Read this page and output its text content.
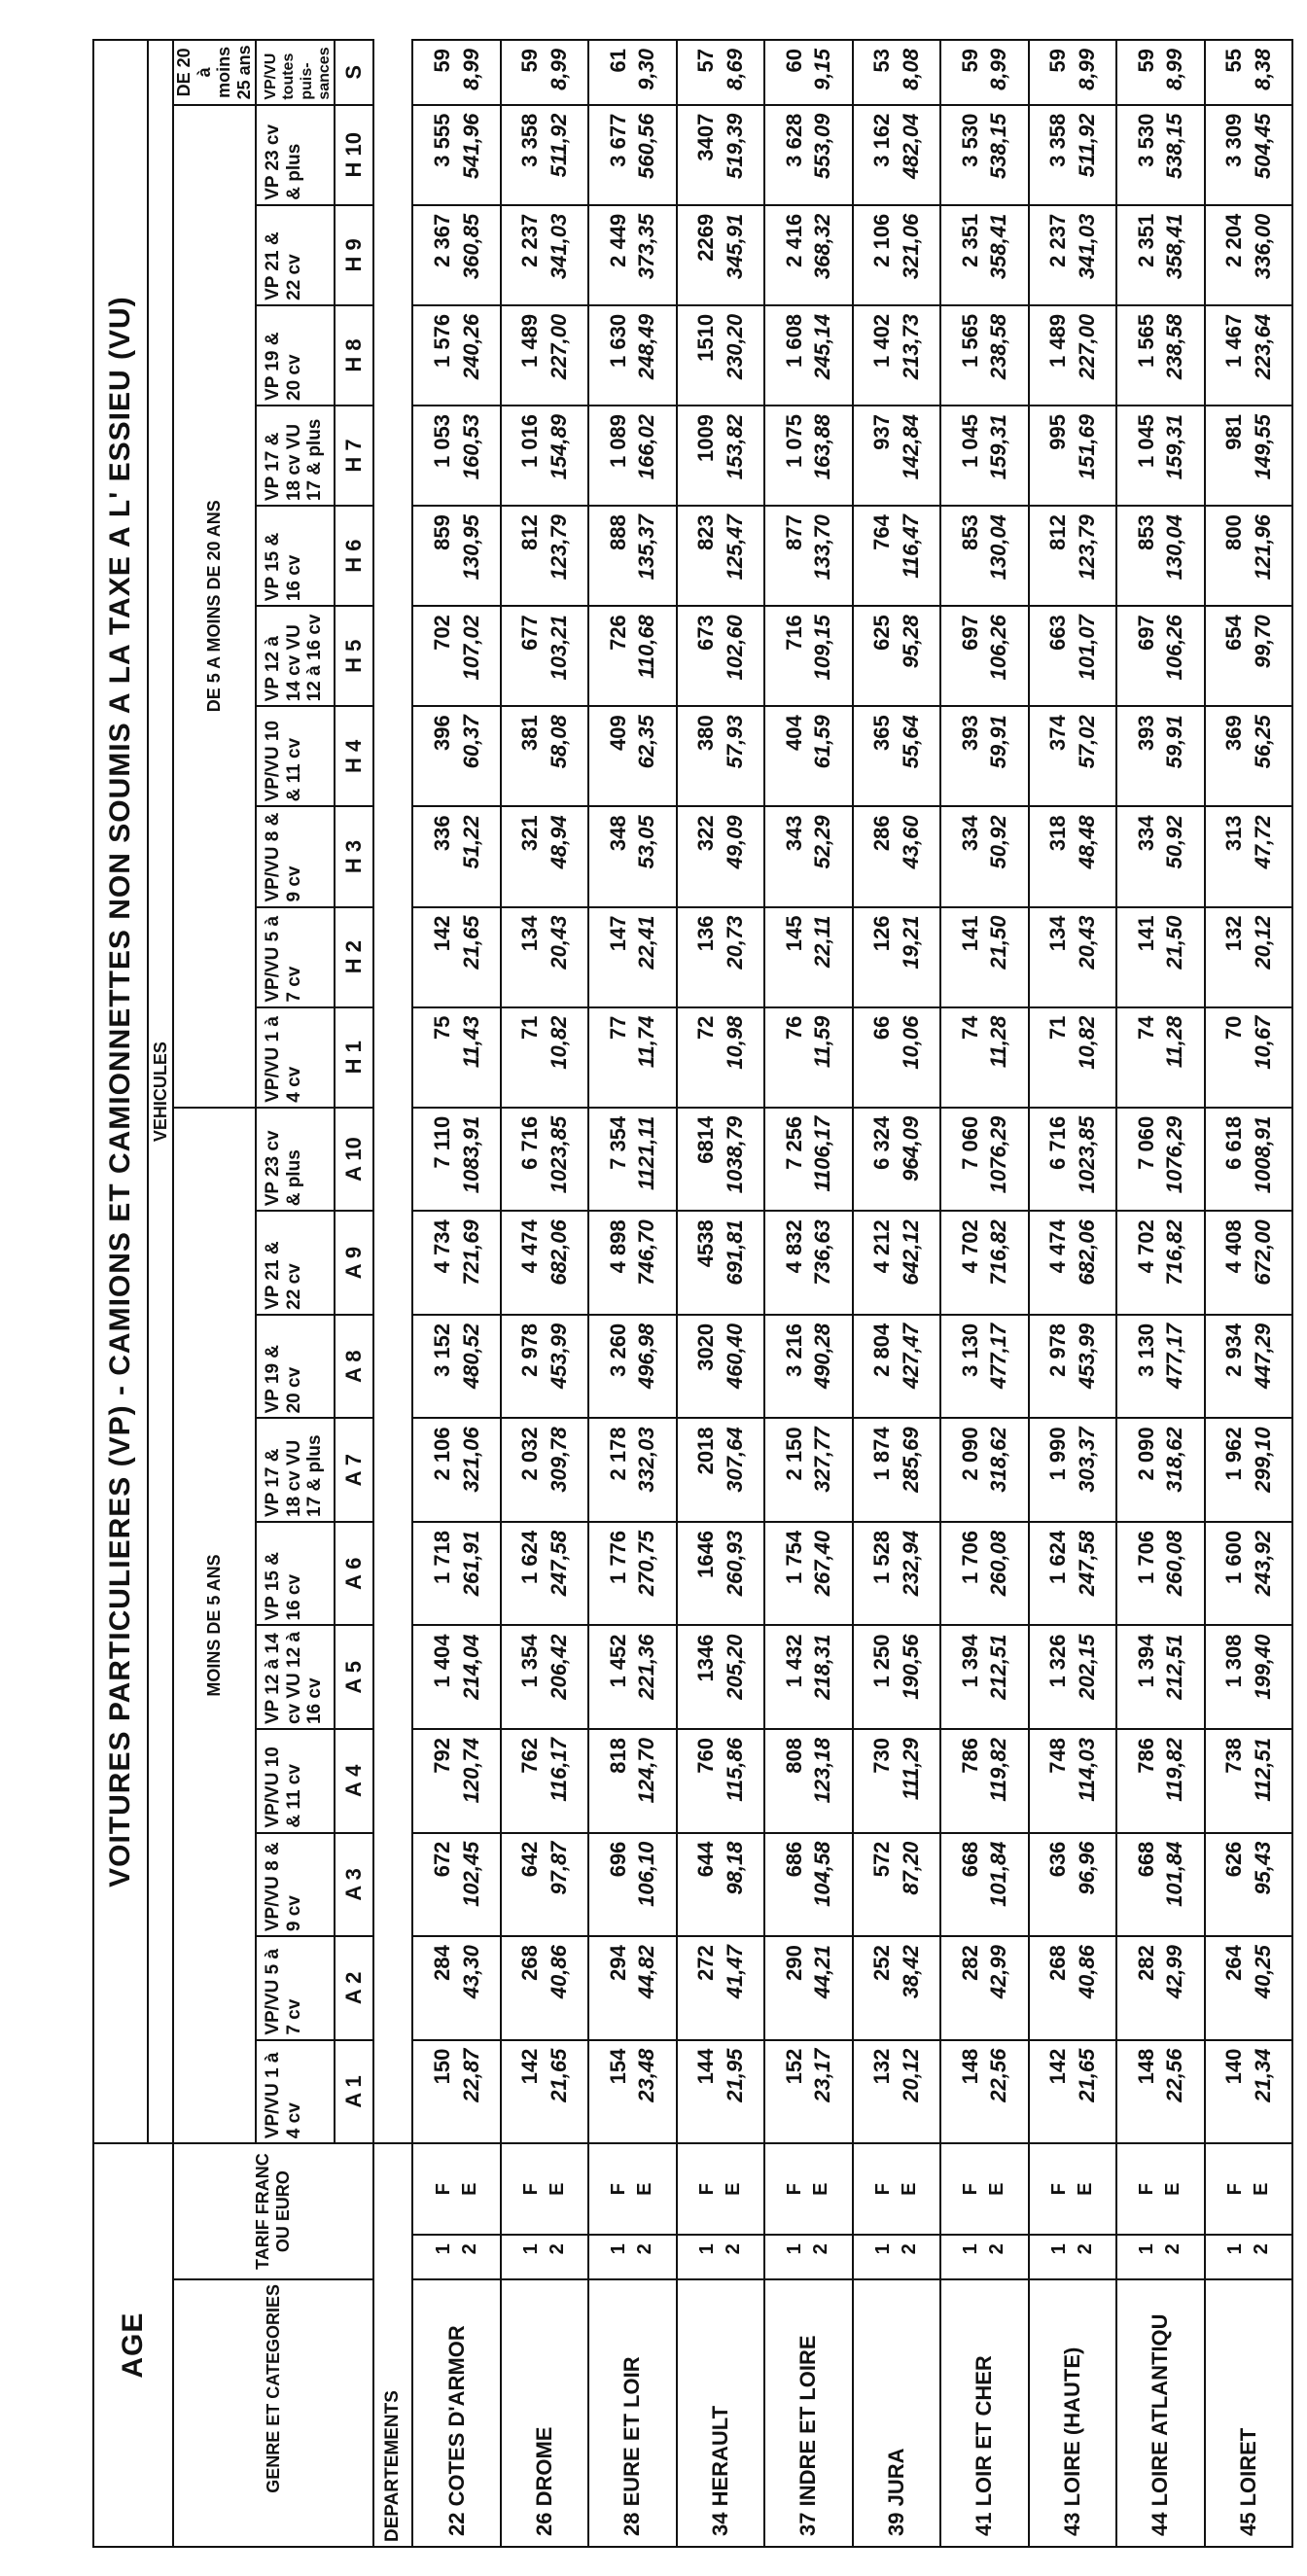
AGE			VOITURES PARTICULIERES (VP) - CAMIONS ET CAMIONNETTES NON SOUMIS A LA TAXE A L' ESSIEU (VU)																				
			VEHICULES																				
GENRE ET CATEGORIES	TARIF FRANC OU EURO		MOINS DE 5 ANS										DE 5 A MOINS DE 20 ANS										DE 20 à moins 25 ans
			VP/VU 1 à 4 cv	VP/VU 5 à 7 cv	VP/VU 8 & 9 cv	VP/VU 10 & 11 cv	VP 12 à 14 cv VU 12 à 16 cv	VP 15 & 16 cv	VP 17 & 18 cv VU 17 & plus	VP 19 & 20 cv	VP 21 & 22 cv	VP 23 cv & plus	VP/VU 1 à 4 cv	VP/VU 5 à 7 cv	VP/VU 8 & 9 cv	VP/VU 10 & 11 cv	VP 12 à 14 cv VU 12 à 16 cv	VP 15 & 16 cv	VP 17 & 18 cv VU 17 & plus	VP 19 & 20 cv	VP 21 & 22 cv	VP 23 cv & plus	VP/VU toutes puis-sances
			A 1	A 2	A 3	A 4	A 5	A 6	A 7	A 8	A 9	A 10	H 1	H 2	H 3	H 4	H 5	H 6	H 7	H 8	H 9	H 10	S
DEPARTEMENTS																							
22 COTES D'ARMOR	1 2	F E	150 22,87	284 43,30	672 102,45	792 120,74	1 404 214,04	1 718 261,91	2 106 321,06	3 152 480,52	4 734 721,69	7 110 1083,91	75 11,43	142 21,65	336 51,22	396 60,37	702 107,02	859 130,95	1 053 160,53	1 576 240,26	2 367 360,85	3 555 541,96	59 8,99

26 DROME	1 2	F E	142 21,65	268 40,86	642 97,87	762 116,17	1 354 206,42	1 624 247,58	2 032 309,78	2 978 453,99	4 474 682,06	6 716 1023,85	71 10,82	134 20,43	321 48,94	381 58,08	677 103,21	812 123,79	1 016 154,89	1 489 227,00	2 237 341,03	3 358 511,92	59 8,99

28 EURE ET LOIR	1 2	F E	154 23,48	294 44,82	696 106,10	818 124,70	1 452 221,36	1 776 270,75	2 178 332,03	3 260 496,98	4 898 746,70	7 354 1121,11	77 11,74	147 22,41	348 53,05	409 62,35	726 110,68	888 135,37	1 089 166,02	1 630 248,49	2 449 373,35	3 677 560,56	61 9,30

34 HERAULT	1 2	F E	144 21,95	272 41,47	644 98,18	760 115,86	1346 205,20	1646 260,93	2018 307,64	3020 460,40	4538 691,81	6814 1038,79	72 10,98	136 20,73	322 49,09	380 57,93	673 102,60	823 125,47	1009 153,82	1510 230,20	2269 345,91	3407 519,39	57 8,69

37 INDRE ET LOIRE	1 2	F E	152 23,17	290 44,21	686 104,58	808 123,18	1 432 218,31	1 754 267,40	2 150 327,77	3 216 490,28	4 832 736,63	7 256 1106,17	76 11,59	145 22,11	343 52,29	404 61,59	716 109,15	877 133,70	1 075 163,88	1 608 245,14	2 416 368,32	3 628 553,09	60 9,15

39 JURA	1 2	F E	132 20,12	252 38,42	572 87,20	730 111,29	1 250 190,56	1 528 232,94	1 874 285,69	2 804 427,47	4 212 642,12	6 324 964,09	66 10,06	126 19,21	286 43,60	365 55,64	625 95,28	764 116,47	937 142,84	1 402 213,73	2 106 321,06	3 162 482,04	53 8,08

41 LOIR ET CHER	1 2	F E	148 22,56	282 42,99	668 101,84	786 119,82	1 394 212,51	1 706 260,08	2 090 318,62	3 130 477,17	4 702 716,82	7 060 1076,29	74 11,28	141 21,50	334 50,92	393 59,91	697 106,26	853 130,04	1 045 159,31	1 565 238,58	2 351 358,41	3 530 538,15	59 8,99

43 LOIRE (HAUTE)	1 2	F E	142 21,65	268 40,86	636 96,96	748 114,03	1 326 202,15	1 624 247,58	1 990 303,37	2 978 453,99	4 474 682,06	6 716 1023,85	71 10,82	134 20,43	318 48,48	374 57,02	663 101,07	812 123,79	995 151,69	1 489 227,00	2 237 341,03	3 358 511,92	59 8,99

44 LOIRE ATLANTIQU	1 2	F E	148 22,56	282 42,99	668 101,84	786 119,82	1 394 212,51	1 706 260,08	2 090 318,62	3 130 477,17	4 702 716,82	7 060 1076,29	74 11,28	141 21,50	334 50,92	393 59,91	697 106,26	853 130,04	1 045 159,31	1 565 238,58	2 351 358,41	3 530 538,15	59 8,99

45 LOIRET	1 2	F E	140 21,34	264 40,25	626 95,43	738 112,51	1 308 199,40	1 600 243,92	1 962 299,10	2 934 447,29	4 408 672,00	6 618 1008,91	70 10,67	132 20,12	313 47,72	369 56,25	654 99,70	800 121,96	981 149,55	1 467 223,64	2 204 336,00	3 309 504,45	55 8,38
